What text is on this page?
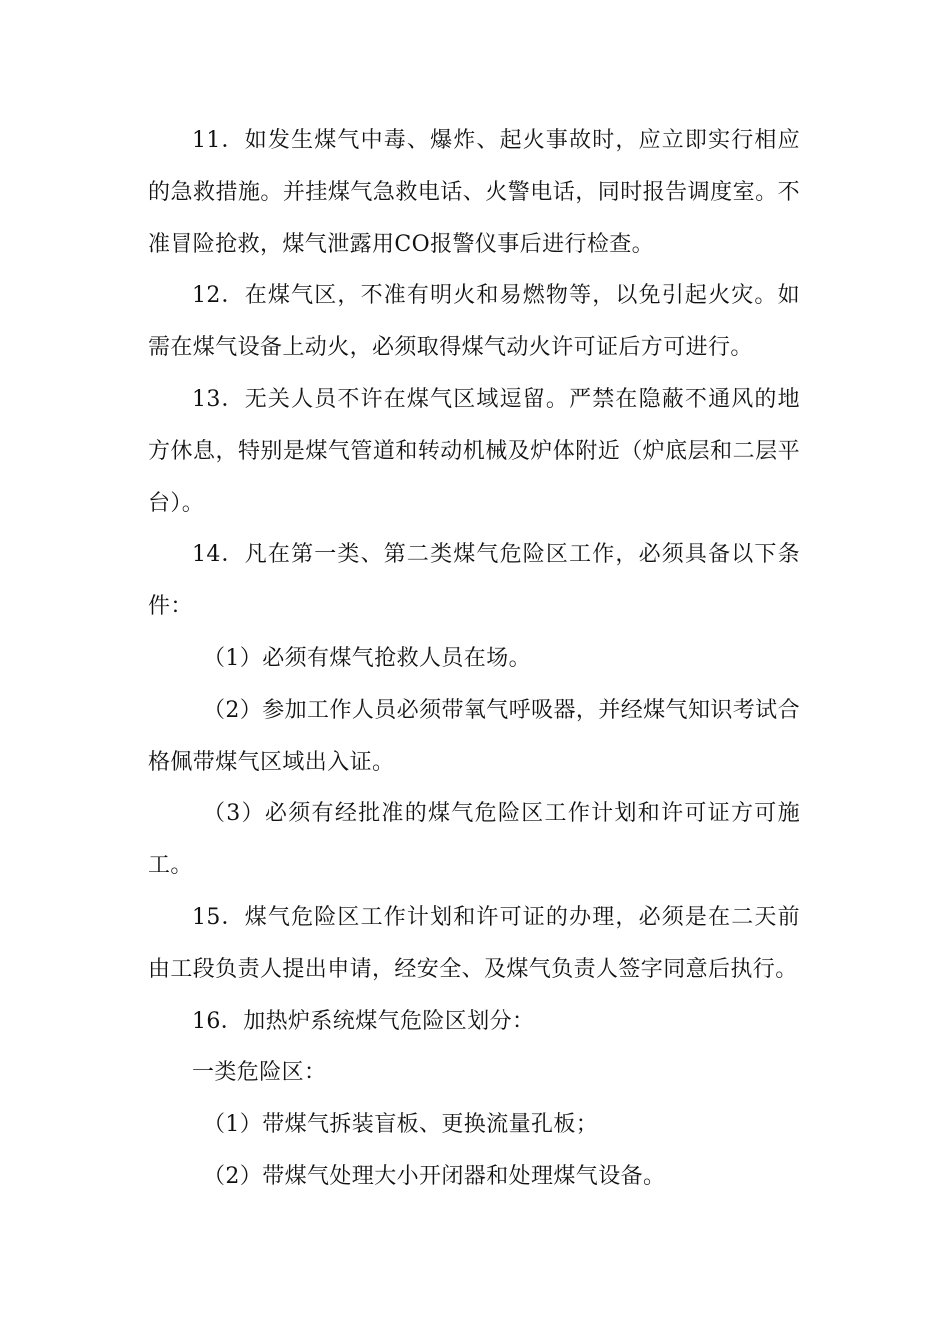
11．如发生煤气中毒、爆炸、起火事故时，应立即实行相应的急救措施。并挂煤气急救电话、火警电话，同时报告调度室。不准冒险抢救，煤气泄露用CO报警仪事后进行检查。

12．在煤气区，不准有明火和易燃物等，以免引起火灾。如需在煤气设备上动火，必须取得煤气动火许可证后方可进行。

13．无关人员不许在煤气区域逗留。严禁在隐蔽不通风的地方休息，特别是煤气管道和转动机械及炉体附近（炉底层和二层平台）。

14．凡在第一类、第二类煤气危险区工作，必须具备以下条件：

（1）必须有煤气抢救人员在场。

（2）参加工作人员必须带氧气呼吸器，并经煤气知识考试合格佩带煤气区域出入证。

（3）必须有经批准的煤气危险区工作计划和许可证方可施工。

15．煤气危险区工作计划和许可证的办理，必须是在二天前由工段负责人提出申请，经安全、及煤气负责人签字同意后执行。

16．加热炉系统煤气危险区划分：

一类危险区：

（1）带煤气拆装盲板、更换流量孔板；

（2）带煤气处理大小开闭器和处理煤气设备。
